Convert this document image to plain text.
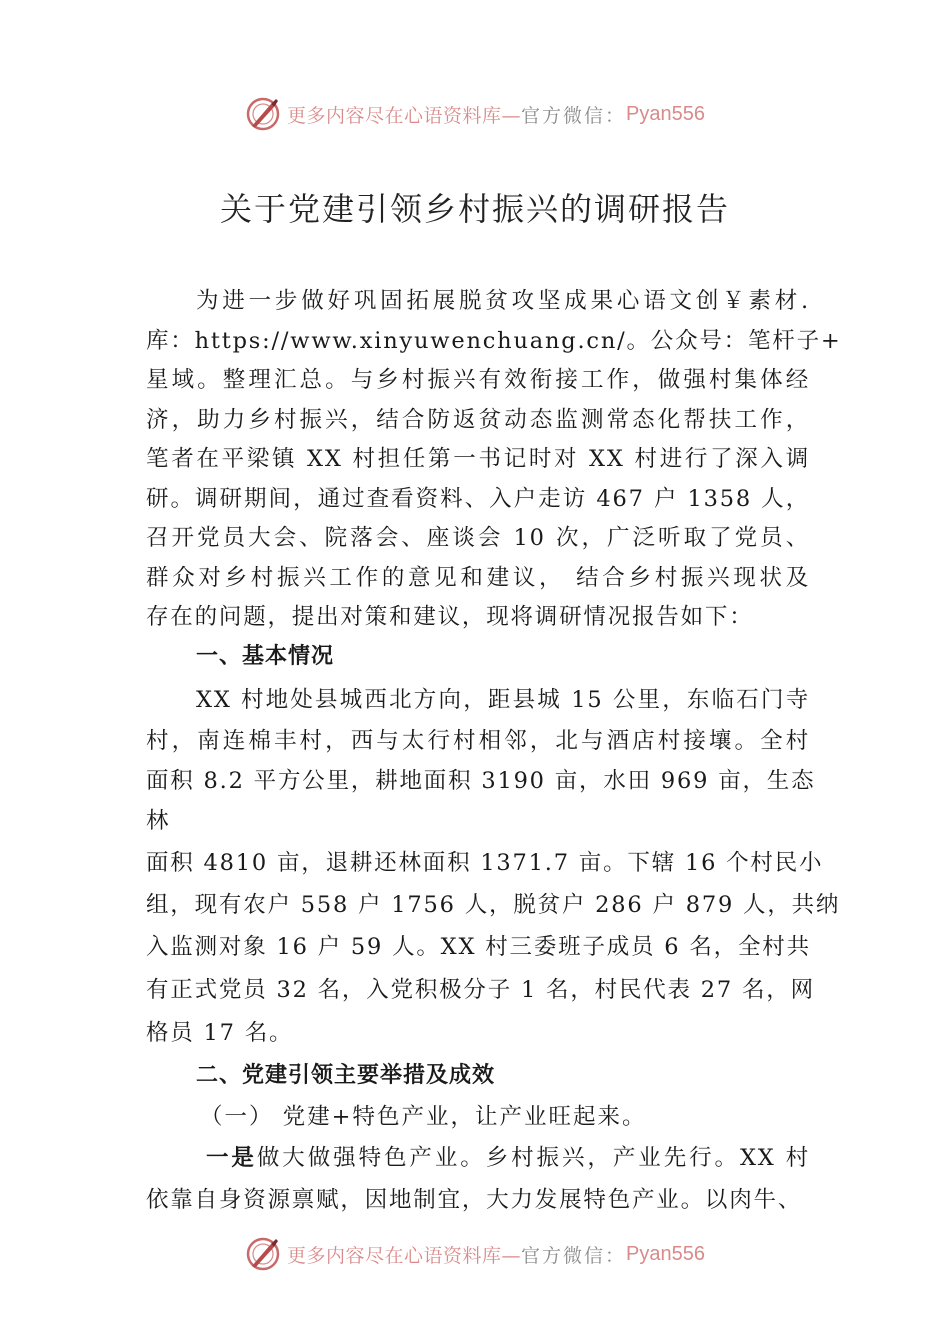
更多内容尽在心语资料库— 官方微信： Pyan556
关于党建引领乡村振兴的调研报告
为进一步做好巩固拓展脱贫攻坚成果心语文创￥素材.
库：https://www.xinyuwenchuang.cn/。公众号：笔杆子+
星域。整理汇总。与乡村振兴有效衔接工作，做强村集体经
济，助力乡村振兴，结合防返贫动态监测常态化帮扶工作，
笔者在平梁镇 XX 村担任第一书记时对 XX 村进行了深入调
研。调研期间，通过查看资料、入户走访 467 户 1358 人，
召开党员大会、院落会、座谈会 10 次，广泛听取了党员、
群众对乡村振兴工作的意见和建议， 结合乡村振兴现状及
存在的问题，提出对策和建议，现将调研情况报告如下：
一、基本情况
XX 村地处县城西北方向，距县城 15 公里，东临石门寺
村，南连棉丰村，西与太行村相邻，北与酒店村接壤。全村
面积 8.2 平方公里，耕地面积 3190 亩，水田 969 亩，生态
林
面积 4810 亩，退耕还林面积 1371.7 亩。下辖 16 个村民小
组，现有农户 558 户 1756 人，脱贫户 286 户 879 人，共纳
入监测对象 16 户 59 人。XX 村三委班子成员 6 名，全村共
有正式党员 32 名，入党积极分子 1 名，村民代表 27 名，网
格员 17 名。
二、党建引领主要举措及成效
（一） 党建+特色产业，让产业旺起来。
一是做大做强特色产业。乡村振兴，产业先行。XX 村
依靠自身资源禀赋，因地制宜，大力发展特色产业。以肉牛、
更多内容尽在心语资料库— 官方微信： Pyan556
